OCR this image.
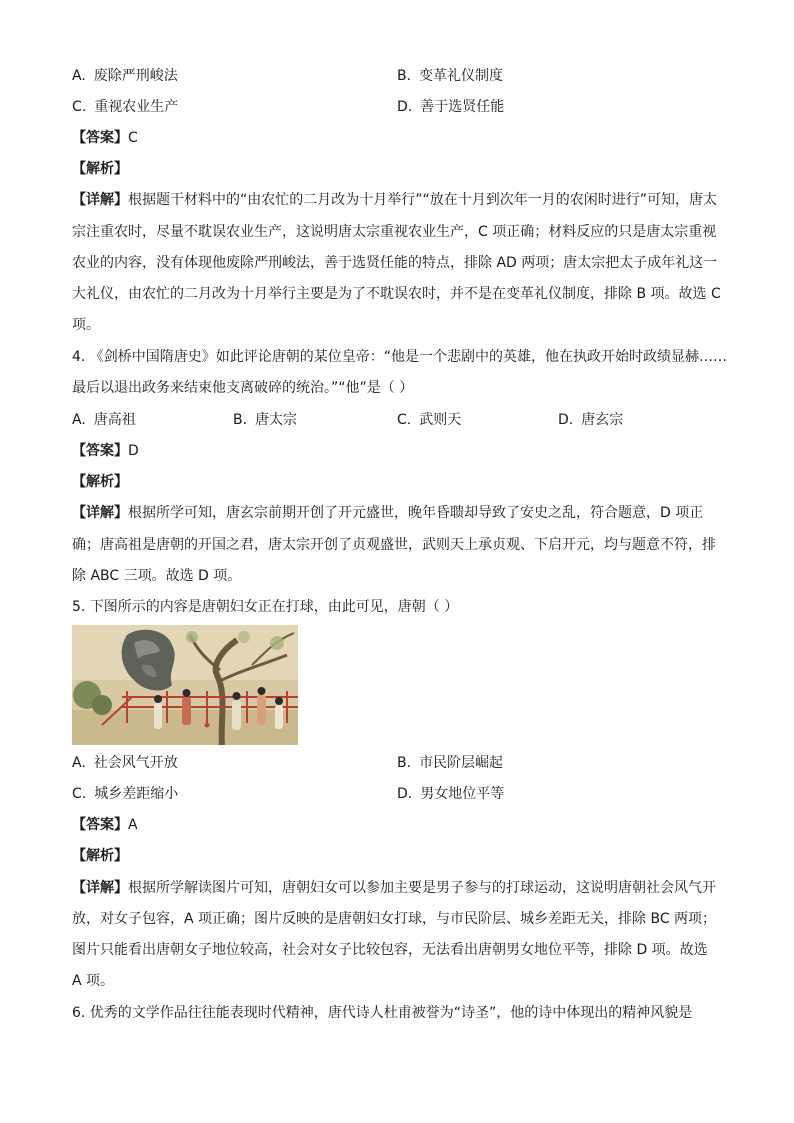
A. 废除严刑峻法	B. 变革礼仪制度
C. 重视农业生产	D. 善于选贤任能
【答案】C
【解析】
【详解】根据题干材料中的“由农忙的二月改为十月举行”“放在十月到次年一月的农闲时进行”可知，唐太
宗注重农时，尽量不耽误农业生产，这说明唐太宗重视农业生产，C 项正确；材料反应的只是唐太宗重视
农业的内容，没有体现他废除严刑峻法，善于选贤任能的特点，排除 AD 两项；唐太宗把太子成年礼这一
大礼仪，由农忙的二月改为十月举行主要是为了不耽误农时，并不是在变革礼仪制度，排除 B 项。故选 C
项。
4. 《剑桥中国隋唐史》如此评论唐朝的某位皇帝：“他是一个悲剧中的英雄，他在执政开始时政绩显赫……
最后以退出政务来结束他支离破碎的统治。”“他”是（ ）
A. 唐高祖	B. 唐太宗	C. 武则天	D. 唐玄宗
【答案】D
【解析】
【详解】根据所学可知，唐玄宗前期开创了开元盛世，晚年昏聩却导致了安史之乱，符合题意，D 项正
确；唐高祖是唐朝的开国之君，唐太宗开创了贞观盛世，武则天上承贞观、下启开元，均与题意不符，排
除 ABC 三项。故选 D 项。
5. 下图所示的内容是唐朝妇女正在打球，由此可见，唐朝（ ）
A. 社会风气开放	B. 市民阶层崛起
C. 城乡差距缩小	D. 男女地位平等
【答案】A
【解析】
【详解】根据所学解读图片可知，唐朝妇女可以参加主要是男子参与的打球运动，这说明唐朝社会风气开
放，对女子包容，A 项正确；图片反映的是唐朝妇女打球，与市民阶层、城乡差距无关，排除 BC 两项；
图片只能看出唐朝女子地位较高，社会对女子比较包容，无法看出唐朝男女地位平等，排除 D 项。故选
A 项。
6. 优秀的文学作品往往能表现时代精神，唐代诗人杜甫被誉为“诗圣”，他的诗中体现出的精神风貌是
